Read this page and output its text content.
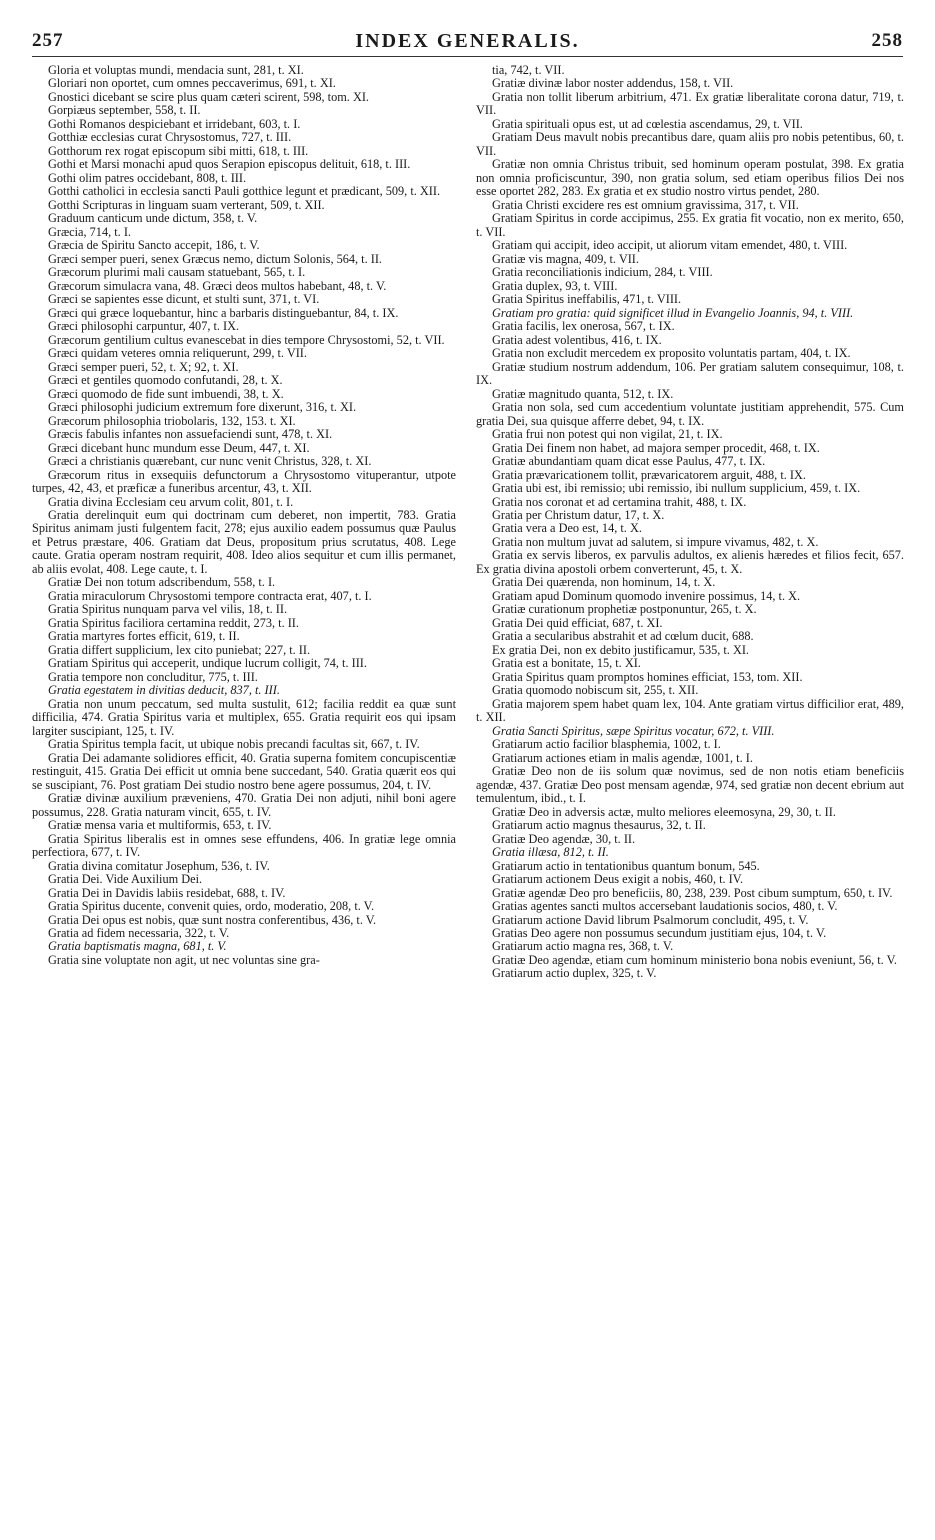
257	INDEX GENERALIS.	258

Gloria et voluptas mundi, mendacia sunt, 281, t. XI.

Gloriari non oportet, cum omnes peccaverimus, 691, t. XI.

Gnostici dicebant se scire plus quam cæteri scirent, 598, tom. XI.

Gorpiæus september, 558, t. II.

Gothi Romanos despiciebant et irridebant, 603, t. I.

Gotthiæ ecclesias curat Chrysostomus, 727, t. III.

Gotthorum rex rogat episcopum sibi mitti, 618, t. III.

Gothi et Marsi monachi apud quos Serapion episcopus delituit, 618, t. III.

Gothi olim patres occidebant, 808, t. III.

Gotthi catholici in ecclesia sancti Pauli gotthice legunt et prædicant, 509, t. XII.

Gotthi Scripturas in linguam suam verterant, 509, t. XII.

Graduum canticum unde dictum, 358, t. V.

Græcia, 714, t. I.

Græcia de Spiritu Sancto accepit, 186, t. V.

Græci semper pueri, senex Græcus nemo, dictum Solonis, 564, t. II.

Græcorum plurimi mali causam statuebant, 565, t. I.

Græcorum simulacra vana, 48. Græci deos multos habebant, 48, t. V.

Græci se sapientes esse dicunt, et stulti sunt, 371, t. VI.

Græci qui græce loquebantur, hinc a barbaris distinguebantur, 84, t. IX.

Græci philosophi carpuntur, 407, t. IX.

Græcorum gentilium cultus evanescebat in dies tempore Chrysostomi, 52, t. VII.

Græci quidam veteres omnia reliquerunt, 299, t. VII.

Græci semper pueri, 52, t. X; 92, t. XI.

Græci et gentiles quomodo confutandi, 28, t. X.

Græci quomodo de fide sunt imbuendi, 38, t. X.

Græci philosophi judicium extremum fore dixerunt, 316, t. XI.

Græcorum philosophia triobolaris, 132, 153. t. XI.

Græcis fabulis infantes non assuefaciendi sunt, 478, t. XI.

Græci dicebant hunc mundum esse Deum, 447, t. XI.

Græci a christianis quærebant, cur nunc venit Christus, 328, t. XI.

Græcorum ritus in exsequiis defunctorum a Chrysostomo vituperantur, utpote turpes, 42, 43, et præficæ a funeribus arcentur, 43, t. XII.

Gratia divina Ecclesiam ceu arvum colit, 801, t. I.

Gratia derelinquit eum qui doctrinam cum deberet, non impertit, 783. Gratia Spiritus animam justi fulgentem facit, 278; ejus auxilio eadem possumus quæ Paulus et Petrus præstare, 406. Gratiam dat Deus, propositum prius scrutatus, 408. Lege caute. Gratia operam nostram requirit, 408. Ideo alios sequitur et cum illis permanet, ab aliis evolat, 408. Lege caute, t. I.

Gratiæ Dei non totum adscribendum, 558, t. I.

Gratia miraculorum Chrysostomi tempore contracta erat, 407, t. I.

Gratia Spiritus nunquam parva vel vilis, 18, t. II.

Gratia Spiritus faciliora certamina reddit, 273, t. II.

Gratia martyres fortes efficit, 619, t. II.

Gratia differt supplicium, lex cito puniebat; 227, t. II.

Gratiam Spiritus qui acceperit, undique lucrum colligit, 74, t. III.

Gratia tempore non concluditur, 775, t. III.

Gratia egestatem in divitias deducit, 837, t. III.

Gratia non unum peccatum, sed multa sustulit, 612; facilia reddit ea quæ sunt difficilia, 474. Gratia Spiritus varia et multiplex, 655. Gratia requirit eos qui ipsam largiter suscipiant, 125, t. IV.

Gratia Spiritus templa facit, ut ubique nobis precandi facultas sit, 667, t. IV.

Gratia Dei adamante solidiores efficit, 40. Gratia superna fomitem concupiscentiæ restinguit, 415. Gratia Dei efficit ut omnia bene succedant, 540. Gratia quærit eos qui se suscipiant, 76. Post gratiam Dei studio nostro bene agere possumus, 204, t. IV.

Gratiæ divinæ auxilium præveniens, 470. Gratia Dei non adjuti, nihil boni agere possumus, 228. Gratia naturam vincit, 655, t. IV.

Gratiæ mensa varia et multiformis, 653, t. IV.

Gratia Spiritus liberalis est in omnes sese effundens, 406. In gratiæ lege omnia perfectiora, 677, t. IV.

Gratia divina comitatur Josephum, 536, t. IV.

Gratia Dei. Vide Auxilium Dei.

Gratia Dei in Davidis labiis residebat, 688, t. IV.

Gratia Spiritus ducente, convenit quies, ordo, moderatio, 208, t. V.

Gratia Dei opus est nobis, quæ sunt nostra conferentibus, 436, t. V.

Gratia ad fidem necessaria, 322, t. V.

Gratia baptismatis magna, 681, t. V.

Gratia sine voluptate non agit, ut nec voluntas sine gra-

tia, 742, t. VII.

Gratiæ divinæ labor noster addendus, 158, t. VII.

Gratia non tollit liberum arbitrium, 471. Ex gratiæ liberalitate corona datur, 719, t. VII.

Gratia spirituali opus est, ut ad cœlestia ascendamus, 29, t. VII.

Gratiam Deus mavult nobis precantibus dare, quam aliis pro nobis petentibus, 60, t. VII.

Gratiæ non omnia Christus tribuit, sed hominum operam postulat, 398. Ex gratia non omnia proficiscuntur, 390, non gratia solum, sed etiam operibus filios Dei nos esse oportet 282, 283. Ex gratia et ex studio nostro virtus pendet, 280.

Gratia Christi excidere res est omnium gravissima, 317, t. VII.

Gratiam Spiritus in corde accipimus, 255. Ex gratia fit vocatio, non ex merito, 650, t. VII.

Gratiam qui accipit, ideo accipit, ut aliorum vitam emendet, 480, t. VIII.

Gratiæ vis magna, 409, t. VII.

Gratia reconciliationis indicium, 284, t. VIII.

Gratia duplex, 93, t. VIII.

Gratia Spiritus ineffabilis, 471, t. VIII.

Gratiam pro gratia: quid significet illud in Evangelio Joannis, 94, t. VIII.

Gratia facilis, lex onerosa, 567, t. IX.

Gratia adest volentibus, 416, t. IX.

Gratia non excludit mercedem ex proposito voluntatis partam, 404, t. IX.

Gratiæ studium nostrum addendum, 106. Per gratiam salutem consequimur, 108, t. IX.

Gratiæ magnitudo quanta, 512, t. IX.

Gratia non sola, sed cum accedentium voluntate justitiam apprehendit, 575. Cum gratia Dei, sua quisque afferre debet, 94, t. IX.

Gratia frui non potest qui non vigilat, 21, t. IX.

Gratia Dei finem non habet, ad majora semper procedit, 468, t. IX.

Gratiæ abundantiam quam dicat esse Paulus, 477, t. IX.

Gratia prævaricationem tollit, prævaricatorem arguit, 488, t. IX.

Gratia ubi est, ibi remissio; ubi remissio, ibi nullum supplicium, 459, t. IX.

Gratia nos coronat et ad certamina trahit, 488, t. IX.

Gratia per Christum datur, 17, t. X.

Gratia vera a Deo est, 14, t. X.

Gratia non multum juvat ad salutem, si impure vivamus, 482, t. X.

Gratia ex servis liberos, ex parvulis adultos, ex alienis hæredes et filios fecit, 657. Ex gratia divina apostoli orbem converterunt, 45, t. X.

Gratia Dei quærenda, non hominum, 14, t. X.

Gratiam apud Dominum quomodo invenire possimus, 14, t. X.

Gratiæ curationum prophetiæ postponuntur, 265, t. X.

Gratia Dei quid efficiat, 687, t. XI.

Gratia a secularibus abstrahit et ad cœlum ducit, 688.

Ex gratia Dei, non ex debito justificamur, 535, t. XI.

Gratia est a bonitate, 15, t. XI.

Gratia Spiritus quam promptos homines efficiat, 153, tom. XII.

Gratia quomodo nobiscum sit, 255, t. XII.

Gratia majorem spem habet quam lex, 104. Ante gratiam virtus difficilior erat, 489, t. XII.

Gratia Sancti Spiritus, sæpe Spiritus vocatur, 672, t. VIII.

Gratiarum actio facilior blasphemia, 1002, t. I.

Gratiarum actiones etiam in malis agendæ, 1001, t. I.

Gratiæ Deo non de iis solum quæ novimus, sed de non notis etiam beneficiis agendæ, 437. Gratiæ Deo post mensam agendæ, 974, sed gratiæ non decent ebrium aut temulentum, ibid., t. I.

Gratiæ Deo in adversis actæ, multo meliores eleemosyna, 29, 30, t. II.

Gratiarum actio magnus thesaurus, 32, t. II.

Gratiæ Deo agendæ, 30, t. II.

Gratia illæsa, 812, t. II.

Gratiarum actio in tentationibus quantum bonum, 545.

Gratiarum actionem Deus exigit a nobis, 460, t. IV.

Gratiæ agendæ Deo pro beneficiis, 80, 238, 239. Post cibum sumptum, 650, t. IV.

Gratias agentes sancti multos accersebant laudationis socios, 480, t. V.

Gratiarum actione David librum Psalmorum concludit, 495, t. V.

Gratias Deo agere non possumus secundum justitiam ejus, 104, t. V.

Gratiarum actio magna res, 368, t. V.

Gratiæ Deo agendæ, etiam cum hominum ministerio bona nobis eveniunt, 56, t. V.

Gratiarum actio duplex, 325, t. V.
